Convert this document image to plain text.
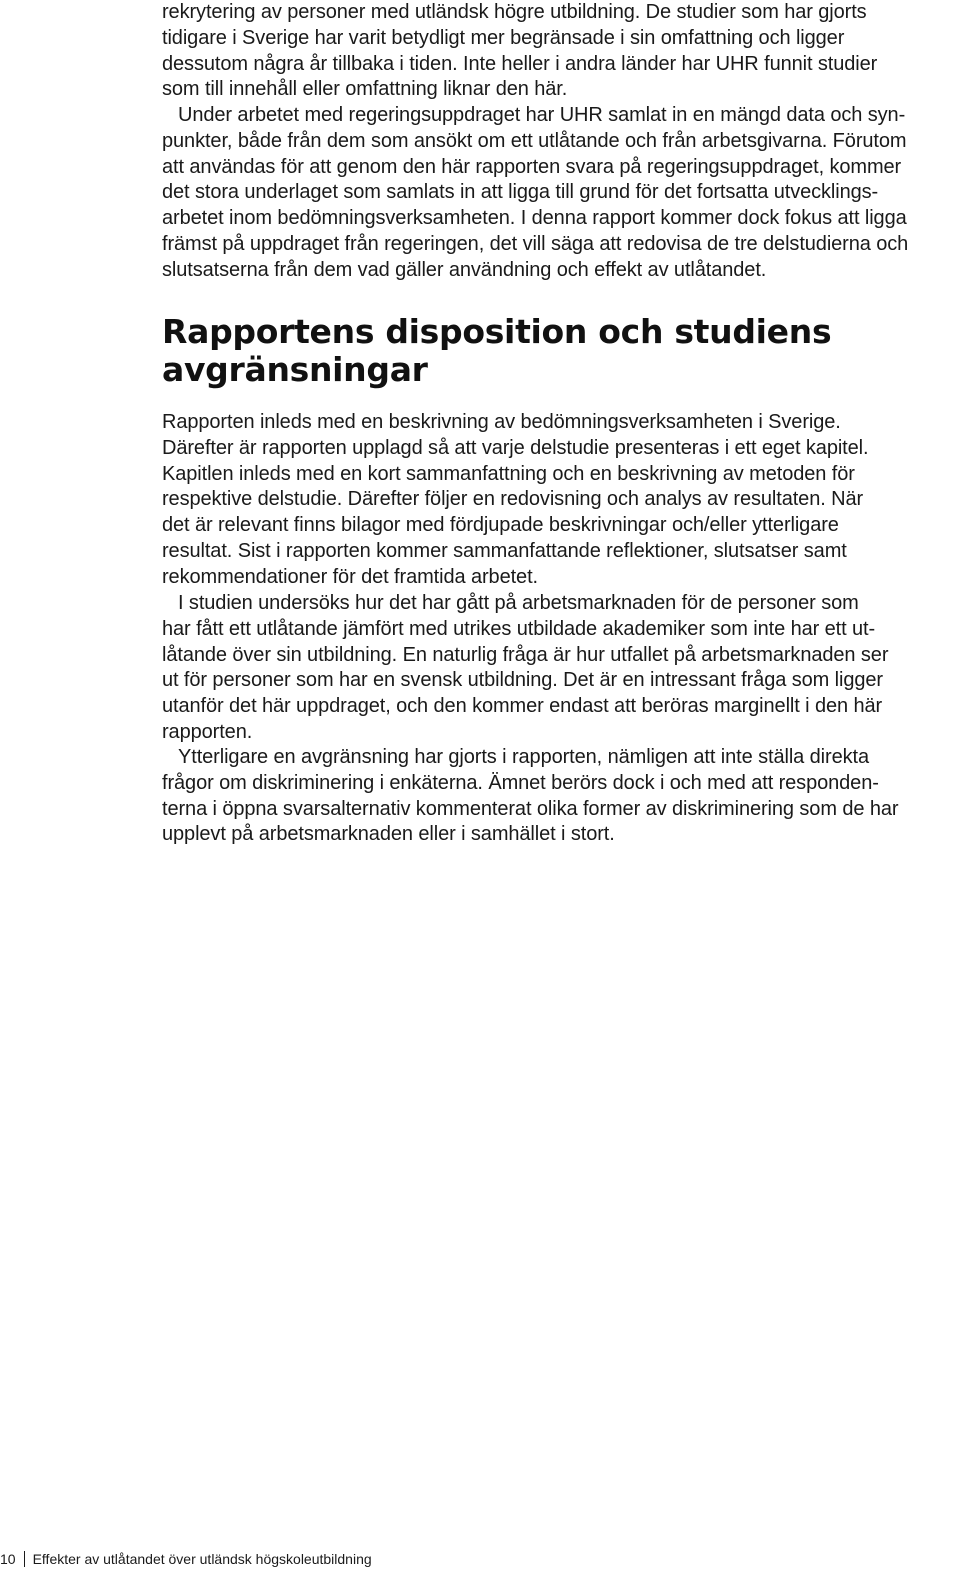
rekrytering av personer med utländsk högre utbildning. De studier som har gjorts
tidigare i Sverige har varit betydligt mer begränsade i sin omfattning och ligger
dessutom några år tillbaka i tiden. Inte heller i andra länder har UHR funnit studier
som till innehåll eller omfattning liknar den här.
Under arbetet med regeringsuppdraget har UHR samlat in en mängd data och syn-
punkter, både från dem som ansökt om ett utlåtande och från arbetsgivarna. Förutom
att användas för att genom den här rapporten svara på regeringsuppdraget, kommer
det stora underlaget som samlats in att ligga till grund för det fortsatta utvecklings-
arbetet inom bedömningsverksamheten. I denna rapport kommer dock fokus att ligga
främst på uppdraget från regeringen, det vill säga att redovisa de tre delstudierna och
slutsatserna från dem vad gäller användning och effekt av utlåtandet.
Rapporten inleds med en beskrivning av bedömningsverksamheten i Sverige.
Därefter är rapporten upplagd så att varje delstudie presenteras i ett eget kapitel.
Kapitlen inleds med en kort sammanfattning och en beskrivning av metoden för
respektive delstudie. Därefter följer en redovisning och analys av resultaten. När
det är relevant finns bilagor med fördjupade beskrivningar och/eller ytterligare
resultat. Sist i rapporten kommer sammanfattande reflektioner, slutsatser samt
rekommendationer för det framtida arbetet.
I studien undersöks hur det har gått på arbetsmarknaden för de personer som
har fått ett utlåtande jämfört med utrikes utbildade akademiker som inte har ett ut-
låtande över sin utbildning. En naturlig fråga är hur utfallet på arbetsmarknaden ser
ut för personer som har en svensk utbildning. Det är en intressant fråga som ligger
utanför det här uppdraget, och den kommer endast att beröras marginellt i den här
rapporten.
Ytterligare en avgränsning har gjorts i rapporten, nämligen att inte ställa direkta
frågor om diskriminering i enkäterna. Ämnet berörs dock i och med att responden-
terna i öppna svarsalternativ kommenterat olika former av diskriminering som de har
upplevt på arbetsmarknaden eller i samhället i stort.
Rapportens disposition och studiens
avgränsningar
10 Effekter av utlåtandet över utländsk högskoleutbildning
